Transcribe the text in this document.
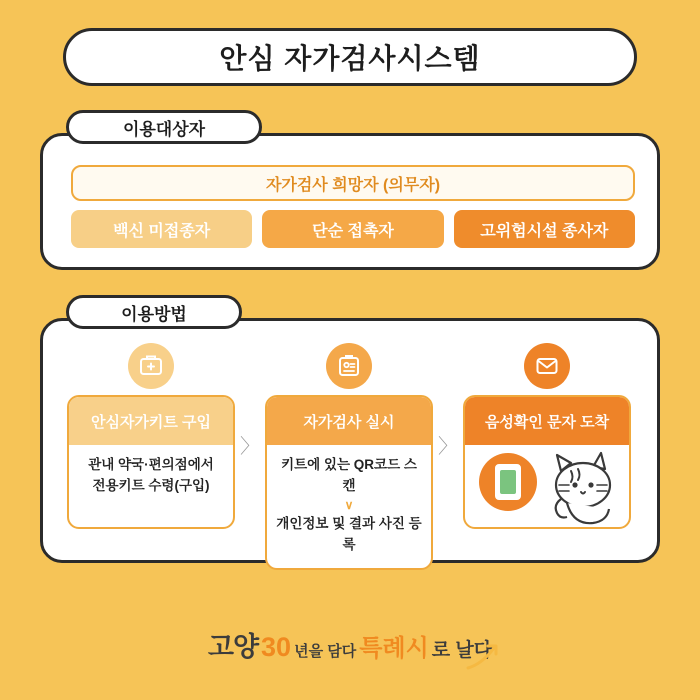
안심 자가검사시스템
자가검사 희망자 (의무자)
백신 미접종자	단순 접촉자	고위험시설 종사자
이용대상자
안심자가키트 구입
관내 약국·편의점에서
전용키트 수령(구입)
〉
자가검사 실시
키트에 있는 QR코드 스캔
∨
개인정보 및 결과 사진 등록
〉
음성확인 문자 도착
이용방법
고양 30 년을 담다 특례시 로 날다
